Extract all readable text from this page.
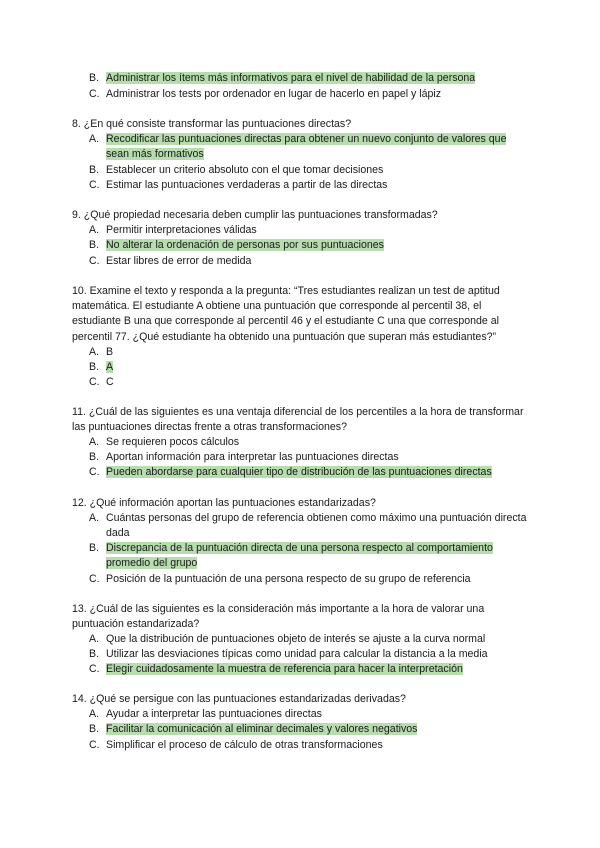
B. Administrar los ítems más informativos para el nivel de habilidad de la persona
C. Administrar los tests por ordenador en lugar de hacerlo en papel y lápiz
8. ¿En qué consiste transformar las puntuaciones directas?
A. Recodificar las puntuaciones directas para obtener un nuevo conjunto de valores que sean más formativos
B. Establecer un criterio absoluto con el que tomar decisiones
C. Estimar las puntuaciones verdaderas a partir de las directas
9. ¿Qué propiedad necesaria deben cumplir las puntuaciones transformadas?
A. Permitir interpretaciones válidas
B. No alterar la ordenación de personas por sus puntuaciones
C. Estar libres de error de medida
10. Examine el texto y responda a la pregunta: “Tres estudiantes realizan un test de aptitud matemática. El estudiante A obtiene una puntuación que corresponde al percentil 38, el estudiante B una que corresponde al percentil 46 y el estudiante C una que corresponde al percentil 77. ¿Qué estudiante ha obtenido una puntuación que superan más estudiantes?”
A. B
B. A
C. C
11. ¿Cuál de las siguientes es una ventaja diferencial de los percentiles a la hora de transformar las puntuaciones directas frente a otras transformaciones?
A. Se requieren pocos cálculos
B. Aportan información para interpretar las puntuaciones directas
C. Pueden abordarse para cualquier tipo de distribución de las puntuaciones directas
12. ¿Qué información aportan las puntuaciones estandarizadas?
A. Cuántas personas del grupo de referencia obtienen como máximo una puntuación directa dada
B. Discrepancia de la puntuación directa de una persona respecto al comportamiento promedio del grupo
C. Posición de la puntuación de una persona respecto de su grupo de referencia
13. ¿Cuál de las siguientes es la consideración más importante a la hora de valorar una puntuación estandarizada?
A. Que la distribución de puntuaciones objeto de interés se ajuste a la curva normal
B. Utilizar las desviaciones típicas como unidad para calcular la distancia a la media
C. Elegir cuidadosamente la muestra de referencia para hacer la interpretación
14. ¿Qué se persigue con las puntuaciones estandarizadas derivadas?
A. Ayudar a interpretar las puntuaciones directas
B. Facilitar la comunicación al eliminar decimales y valores negativos
C. Simplificar el proceso de cálculo de otras transformaciones
